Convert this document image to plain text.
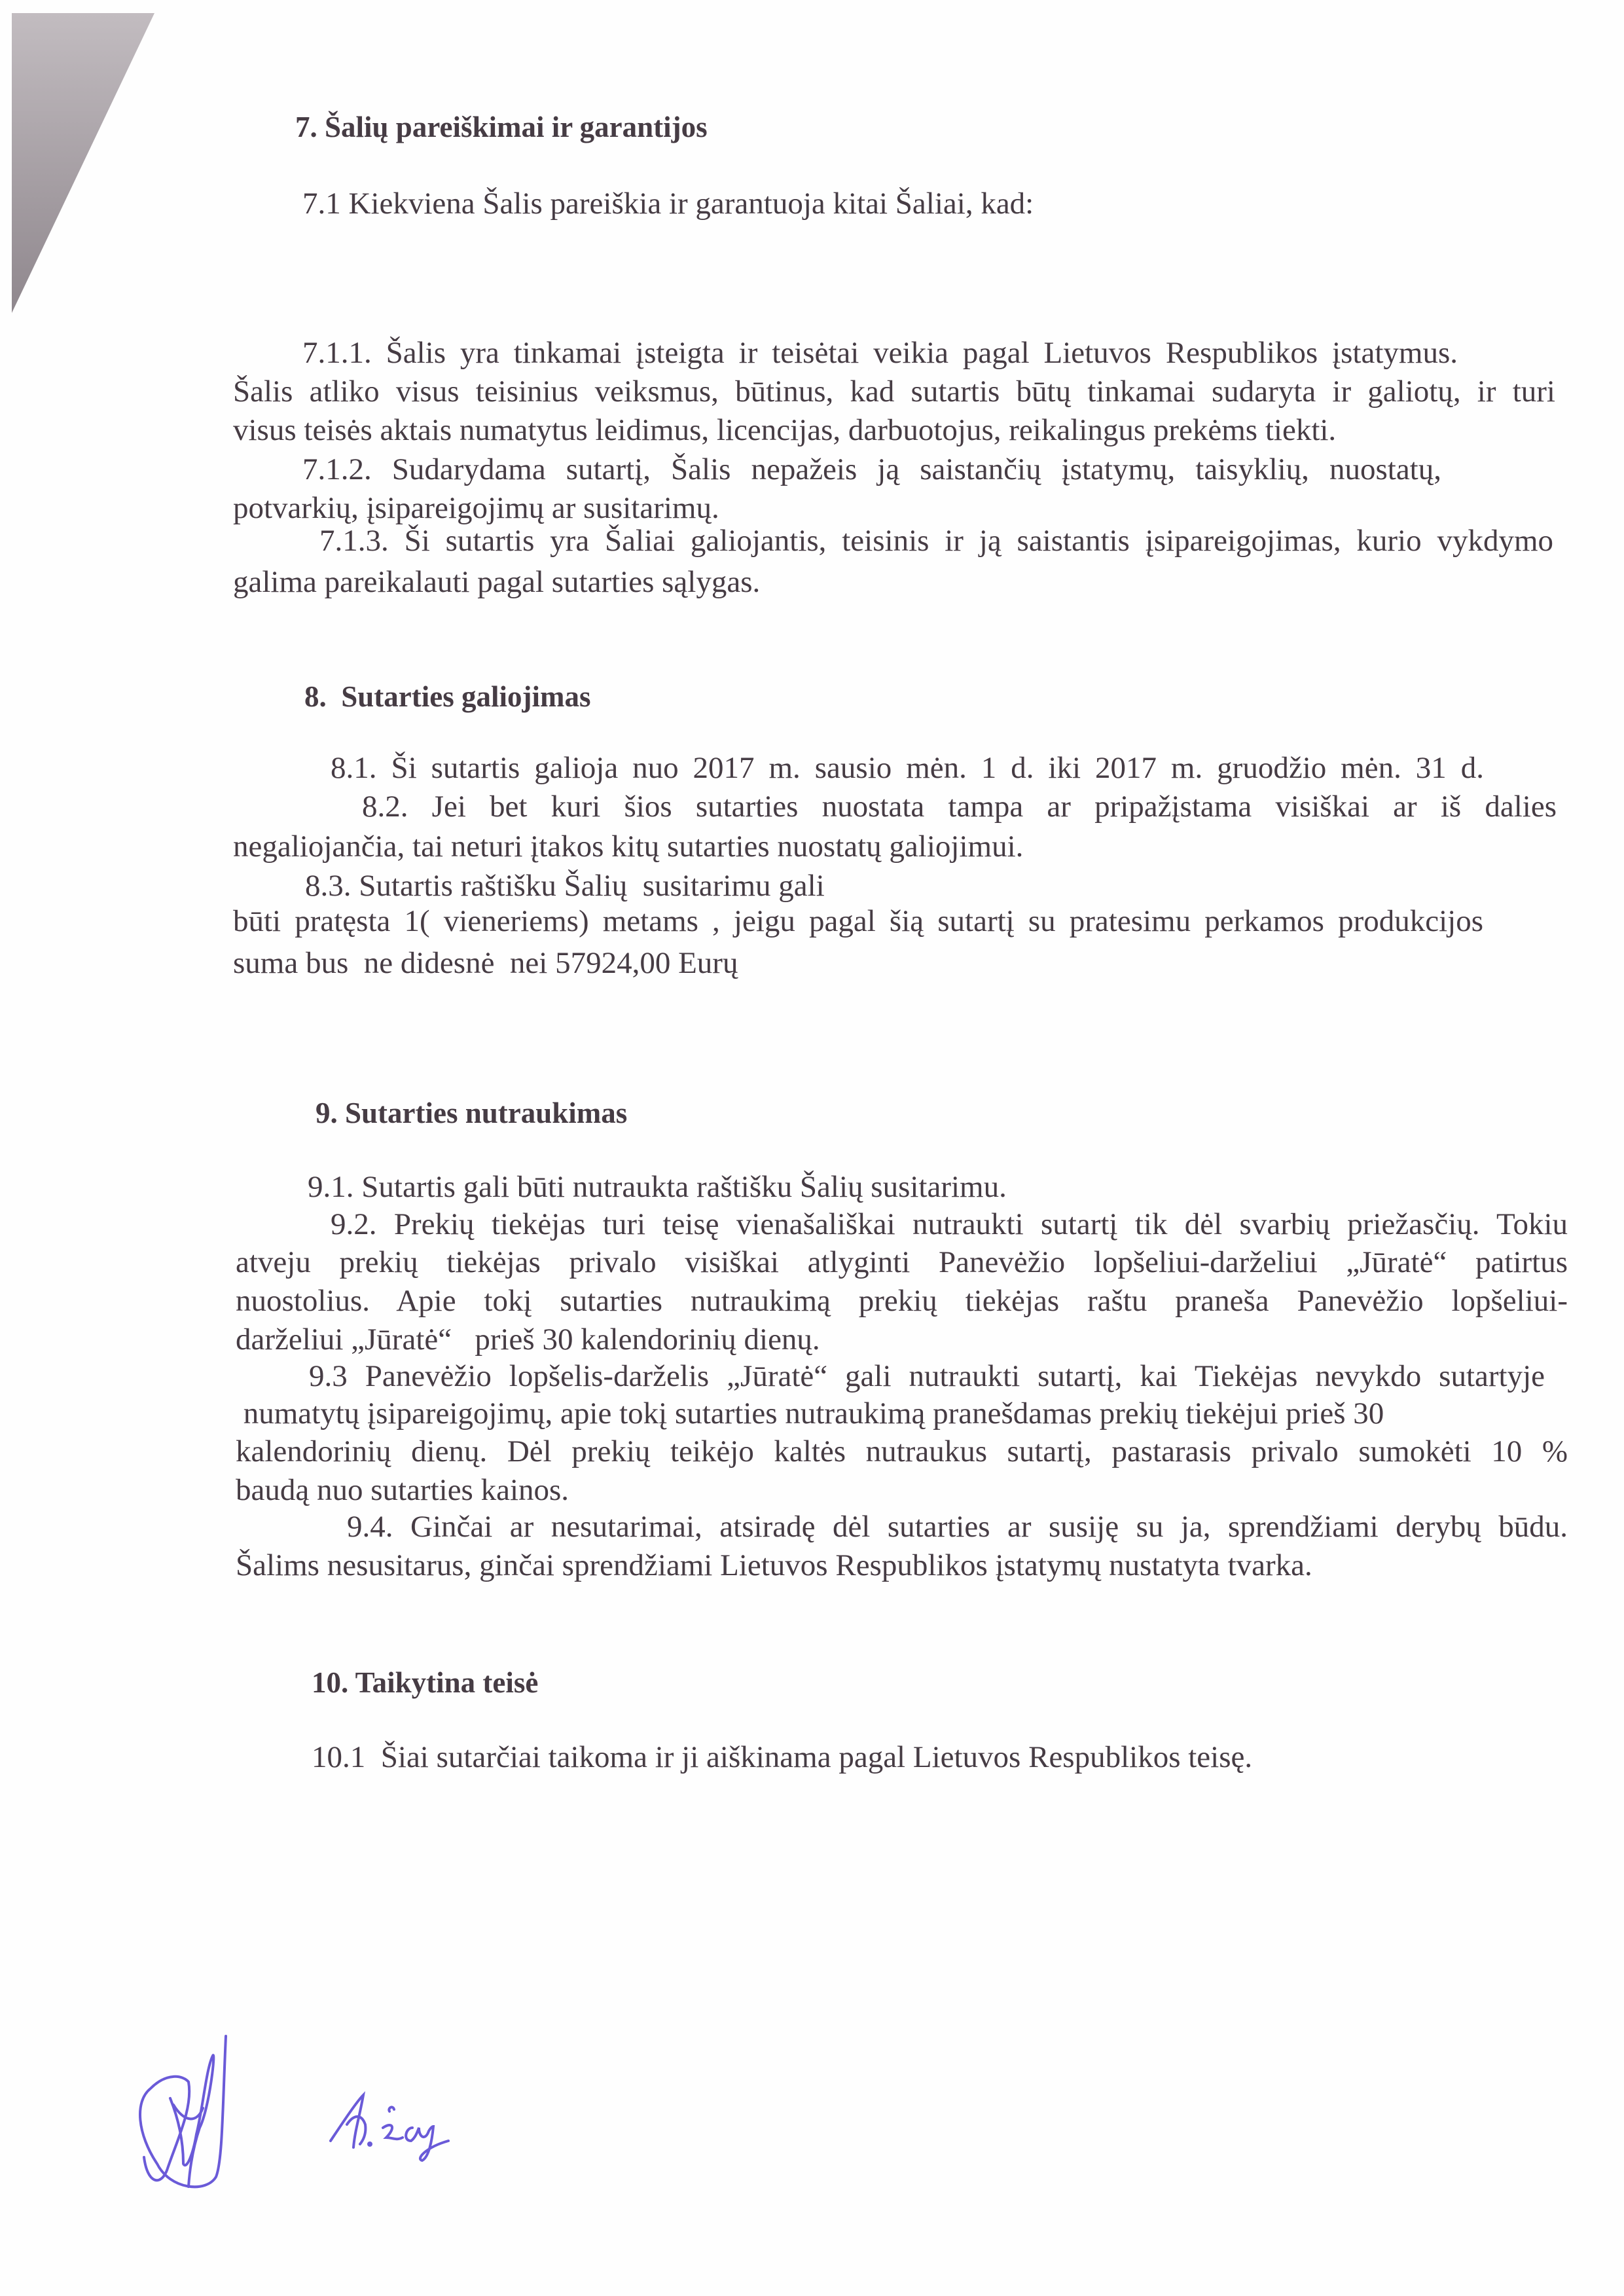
7. Šalių pareiškimai ir garantijos
7.1 Kiekviena Šalis pareiškia ir garantuoja kitai Šaliai, kad:
7.1.1. Šalis yra tinkamai įsteigta ir teisėtai veikia pagal Lietuvos Respublikos įstatymus.
Šalis atliko visus teisinius veiksmus, būtinus, kad sutartis būtų tinkamai sudaryta ir galiotų, ir turi
visus teisės aktais numatytus leidimus, licencijas, darbuotojus, reikalingus prekėms tiekti.
7.1.2. Sudarydama sutartį, Šalis nepažeis ją saistančių įstatymų, taisyklių, nuostatų,
potvarkių, įsipareigojimų ar susitarimų.
7.1.3. Ši sutartis yra Šaliai galiojantis, teisinis ir ją saistantis įsipareigojimas, kurio vykdymo
galima pareikalauti pagal sutarties sąlygas.
8.  Sutarties galiojimas
8.1. Ši sutartis galioja nuo 2017 m. sausio mėn. 1 d. iki 2017 m. gruodžio mėn. 31 d.
8.2. Jei bet kuri šios sutarties nuostata tampa ar pripažįstama visiškai ar iš dalies
negaliojančia, tai neturi įtakos kitų sutarties nuostatų galiojimui.
8.3. Sutartis raštišku Šalių  susitarimu gali
būti pratęsta 1( vieneriems) metams , jeigu pagal šią sutartį su pratesimu perkamos produkcijos
suma bus  ne didesnė  nei 57924,00 Eurų
9. Sutarties nutraukimas
9.1. Sutartis gali būti nutraukta raštišku Šalių susitarimu.
9.2. Prekių tiekėjas turi teisę vienašališkai nutraukti sutartį tik dėl svarbių priežasčių. Tokiu
atveju prekių tiekėjas privalo visiškai atlyginti Panevėžio lopšeliui-darželiui „Jūratė“ patirtus
nuostolius. Apie tokį sutarties nutraukimą prekių tiekėjas raštu praneša Panevėžio lopšeliui-
darželiui „Jūratė“   prieš 30 kalendorinių dienų.
9.3 Panevėžio lopšelis-darželis „Jūratė“ gali nutraukti sutartį, kai Tiekėjas nevykdo sutartyje
numatytų įsipareigojimų, apie tokį sutarties nutraukimą pranešdamas prekių tiekėjui prieš 30
kalendorinių dienų. Dėl prekių teikėjo kaltės nutraukus sutartį, pastarasis privalo sumokėti 10 %
baudą nuo sutarties kainos.
9.4. Ginčai ar nesutarimai, atsiradę dėl sutarties ar susiję su ja, sprendžiami derybų būdu.
Šalims nesusitarus, ginčai sprendžiami Lietuvos Respublikos įstatymų nustatyta tvarka.
10. Taikytina teisė
10.1  Šiai sutarčiai taikoma ir ji aiškinama pagal Lietuvos Respublikos teisę.
